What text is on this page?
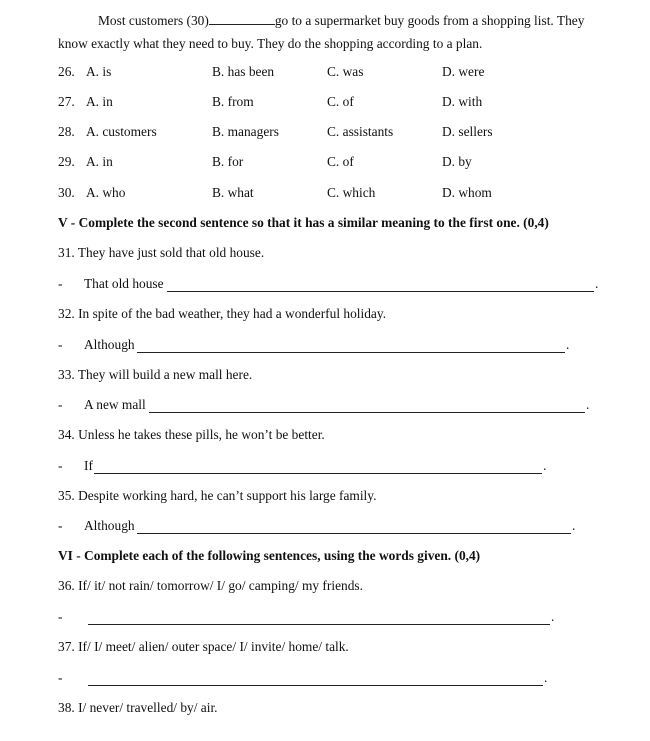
Most customers (30)	go to a supermarket buy goods from a shopping list. They
know exactly what they need to buy. They do the shopping according to a plan.
26. A. is	B. has been	C. was	D. were
27. A. in	B. from	C. of	D. with
28. A. customers	B. managers	C. assistants	D. sellers
29. A. in	B. for	C. of	D. by
30. A. who	B. what	C. which	D. whom
V - Complete the second sentence so that it has a similar meaning to the first one. (0,4)
31. They have just sold that old house.
- That old house	.
32. In spite of the bad weather, they had a wonderful holiday.
- Although	.
33. They will build a new mall here.
- A new mall	.
34. Unless he takes these pills, he won’t be better.
- If	.
35. Despite working hard, he can’t support his large family.
- Although	.
VI - Complete each of the following sentences, using the words given. (0,4)
36. If/ it/ not rain/ tomorrow/ I/ go/ camping/ my friends.
-	.
37. If/ I/ meet/ alien/ outer space/ I/ invite/ home/ talk.
-	.
38. I/ never/ travelled/ by/ air.
